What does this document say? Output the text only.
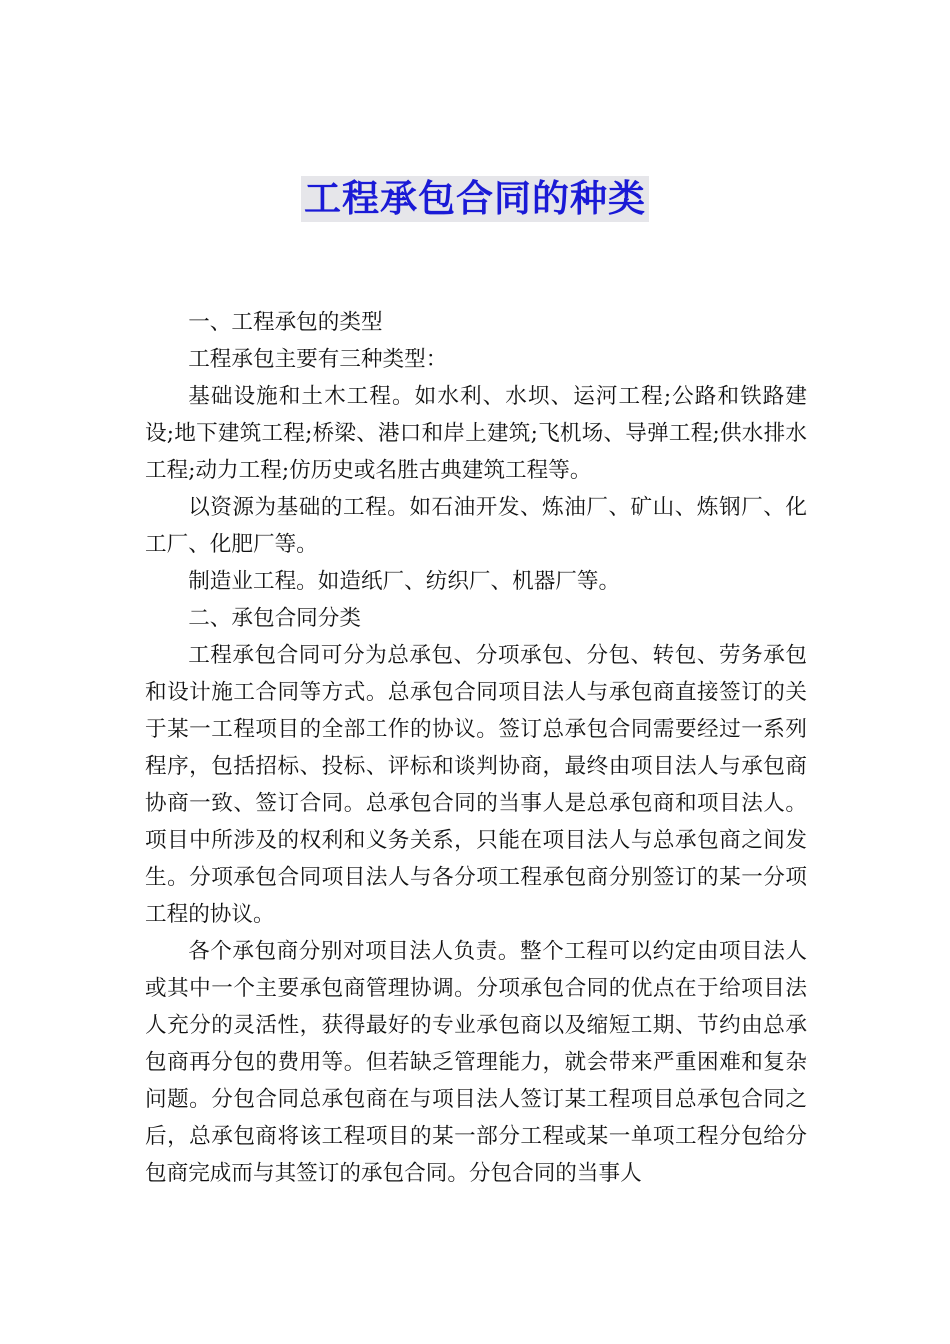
工程承包合同的种类

一、工程承包的类型

工程承包主要有三种类型：

基础设施和土木工程。如水利、水坝、运河工程;公路和铁路建设;地下建筑工程;桥梁、港口和岸上建筑;飞机场、导弹工程;供水排水工程;动力工程;仿历史或名胜古典建筑工程等。

以资源为基础的工程。如石油开发、炼油厂、矿山、炼钢厂、化工厂、化肥厂等。

制造业工程。如造纸厂、纺织厂、机器厂等。

二、承包合同分类

工程承包合同可分为总承包、分项承包、分包、转包、劳务承包和设计施工合同等方式。总承包合同项目法人与承包商直接签订的关于某一工程项目的全部工作的协议。签订总承包合同需要经过一系列程序，包括招标、投标、评标和谈判协商，最终由项目法人与承包商协商一致、签订合同。总承包合同的当事人是总承包商和项目法人。项目中所涉及的权利和义务关系，只能在项目法人与总承包商之间发生。分项承包合同项目法人与各分项工程承包商分别签订的某一分项工程的协议。

各个承包商分别对项目法人负责。整个工程可以约定由项目法人或其中一个主要承包商管理协调。分项承包合同的优点在于给项目法人充分的灵活性，获得最好的专业承包商以及缩短工期、节约由总承包商再分包的费用等。但若缺乏管理能力，就会带来严重困难和复杂问题。分包合同总承包商在与项目法人签订某工程项目总承包合同之后，总承包商将该工程项目的某一部分工程或某一单项工程分包给分包商完成而与其签订的承包合同。分包合同的当事人
